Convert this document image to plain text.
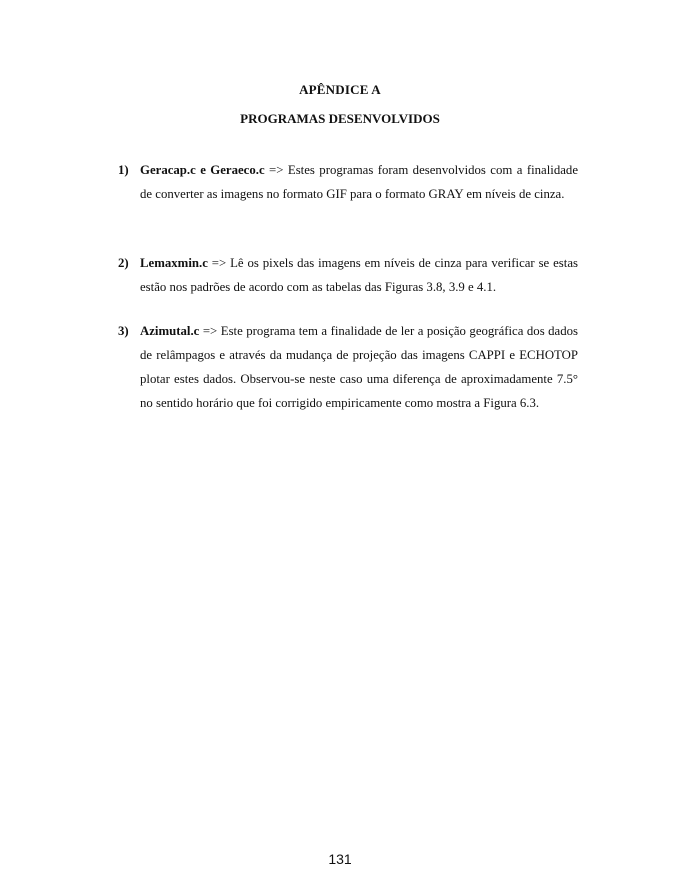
APÊNDICE A
PROGRAMAS DESENVOLVIDOS
1) Geracap.c e Geraeco.c => Estes programas foram desenvolvidos com a finalidade de converter as imagens no formato GIF para o formato GRAY em níveis de cinza.
2) Lemaxmin.c => Lê os pixels das imagens em níveis de cinza para verificar se estas estão nos padrões de acordo com as tabelas das Figuras 3.8, 3.9 e 4.1.
3) Azimutal.c => Este programa tem a finalidade de ler a posição geográfica dos dados de relâmpagos e através da mudança de projeção das imagens CAPPI e ECHOTOP plotar estes dados. Observou-se neste caso uma diferença de aproximadamente 7.5° no sentido horário que foi corrigido empiricamente como mostra a Figura 6.3.
131
